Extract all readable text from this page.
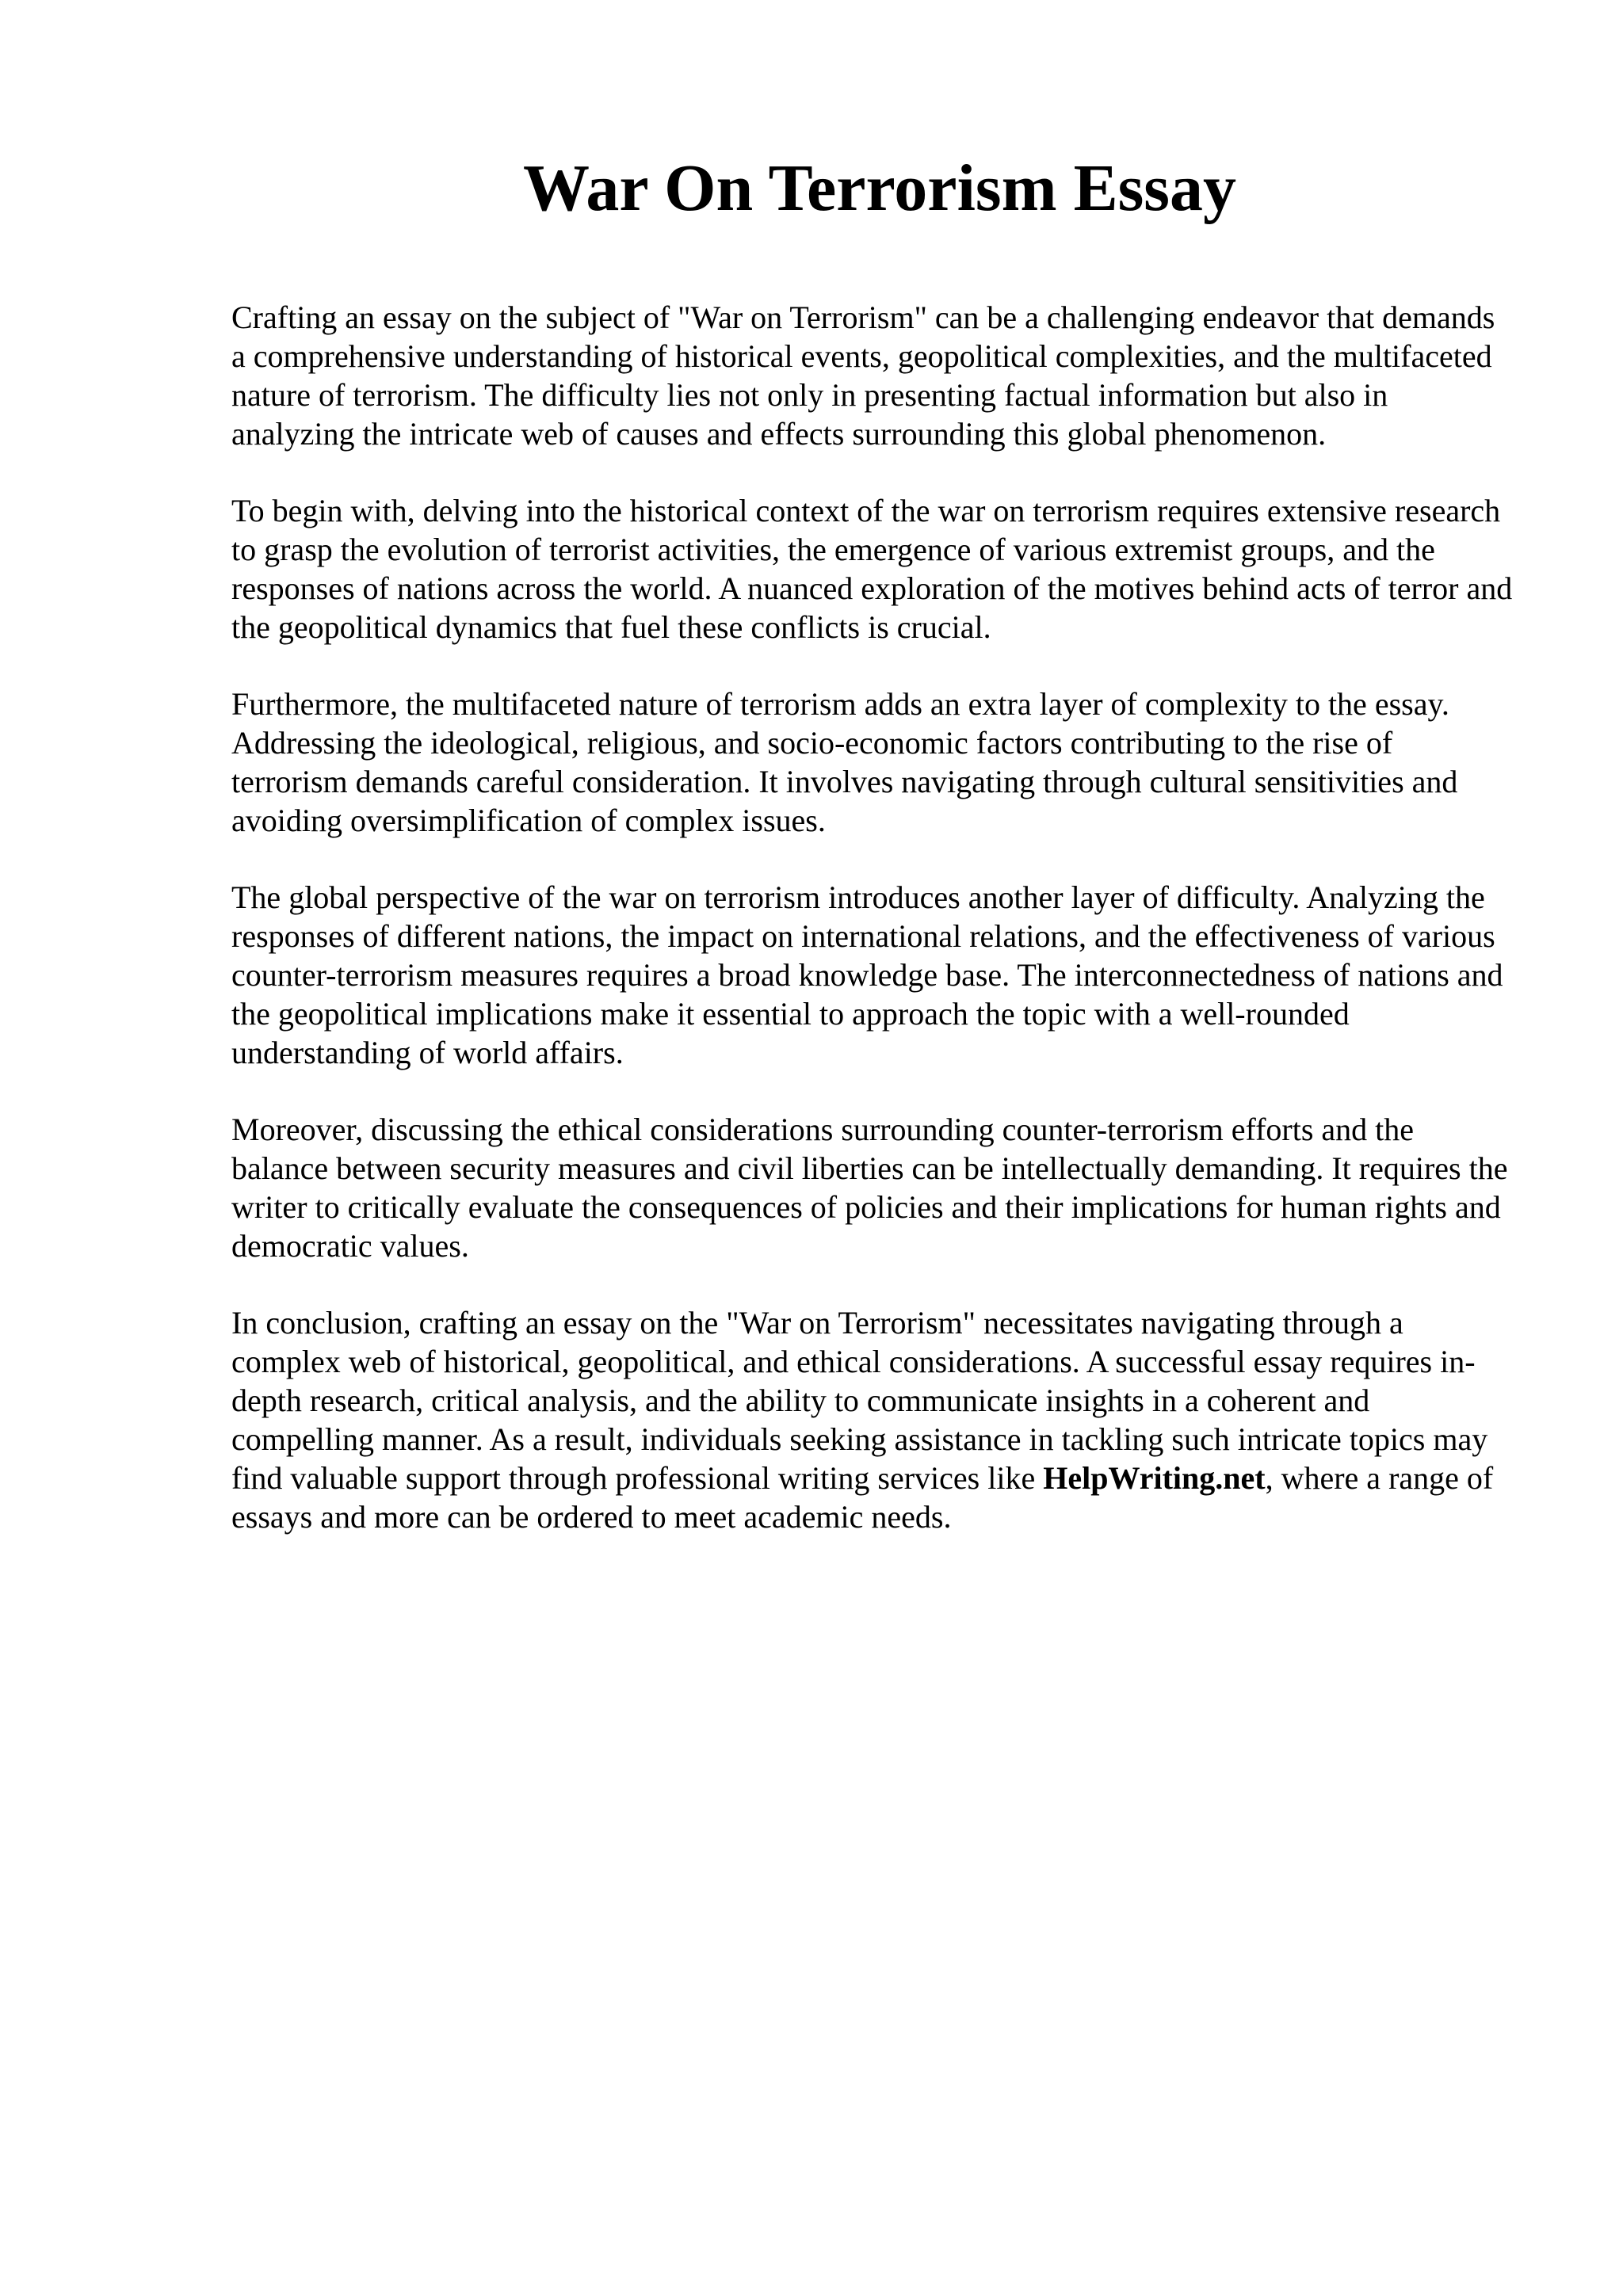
War On Terrorism Essay

Crafting an essay on the subject of "War on Terrorism" can be a challenging endeavor that demands a comprehensive understanding of historical events, geopolitical complexities, and the multifaceted nature of terrorism. The difficulty lies not only in presenting factual information but also in analyzing the intricate web of causes and effects surrounding this global phenomenon.

To begin with, delving into the historical context of the war on terrorism requires extensive research to grasp the evolution of terrorist activities, the emergence of various extremist groups, and the responses of nations across the world. A nuanced exploration of the motives behind acts of terror and the geopolitical dynamics that fuel these conflicts is crucial.

Furthermore, the multifaceted nature of terrorism adds an extra layer of complexity to the essay. Addressing the ideological, religious, and socio-economic factors contributing to the rise of terrorism demands careful consideration. It involves navigating through cultural sensitivities and avoiding oversimplification of complex issues.

The global perspective of the war on terrorism introduces another layer of difficulty. Analyzing the responses of different nations, the impact on international relations, and the effectiveness of various counter-terrorism measures requires a broad knowledge base. The interconnectedness of nations and the geopolitical implications make it essential to approach the topic with a well-rounded understanding of world affairs.

Moreover, discussing the ethical considerations surrounding counter-terrorism efforts and the balance between security measures and civil liberties can be intellectually demanding. It requires the writer to critically evaluate the consequences of policies and their implications for human rights and democratic values.

In conclusion, crafting an essay on the "War on Terrorism" necessitates navigating through a complex web of historical, geopolitical, and ethical considerations. A successful essay requires in-depth research, critical analysis, and the ability to communicate insights in a coherent and compelling manner. As a result, individuals seeking assistance in tackling such intricate topics may find valuable support through professional writing services like HelpWriting.net, where a range of essays and more can be ordered to meet academic needs.
